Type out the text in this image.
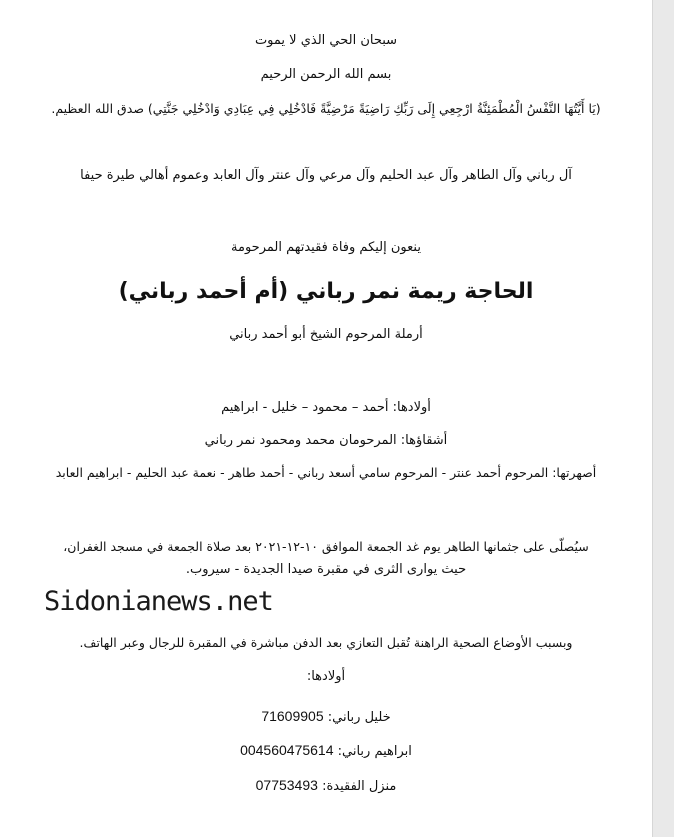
سبحان الحي الذي لا يموت
بسم الله الرحمن الرحيم
(يَا أَيَّتُهَا النَّفْسُ الْمُطْمَئِنَّةُ ارْجِعِي إِلَى رَبِّكِ رَاضِيَةً مَرْضِيَّةً فَادْخُلِي فِي عِبَادِي وَادْخُلِي جَنَّتِي) صدق الله العظيم.
آل رباني وآل الطاهر وآل عبد الحليم وآل مرعي وآل عنتر وآل العابد وعموم أهالي طيرة حيفا
ينعون إليكم وفاة فقيدتهم المرحومة
الحاجة ريمة نمر رباني (أم أحمد رباني)
أرملة المرحوم الشيخ أبو أحمد رباني
أولادها: أحمد – محمود – خليل - ابراهيم
أشقاؤها: المرحومان محمد ومحمود نمر رباني
أصهرتها: المرحوم أحمد عنتر - المرحوم سامي أسعد رباني - أحمد طاهر - نعمة عبد الحليم - ابراهيم العابد
سيُصلّى على جثمانها الطاهر يوم غد الجمعة الموافق ١٠-١٢-٢٠٢١ بعد صلاة الجمعة في مسجد الغفران،
حيث يوارى الثرى في مقبرة صيدا الجديدة - سيروب.
Sidonianews.net
وبسبب الأوضاع الصحية الراهنة تُقبل التعازي بعد الدفن مباشرة في المقبرة للرجال وعبر الهاتف.
أولادها:
خليل رباني: 71609905
ابراهيم رباني: 004560475614
منزل الفقيدة: 07753493
